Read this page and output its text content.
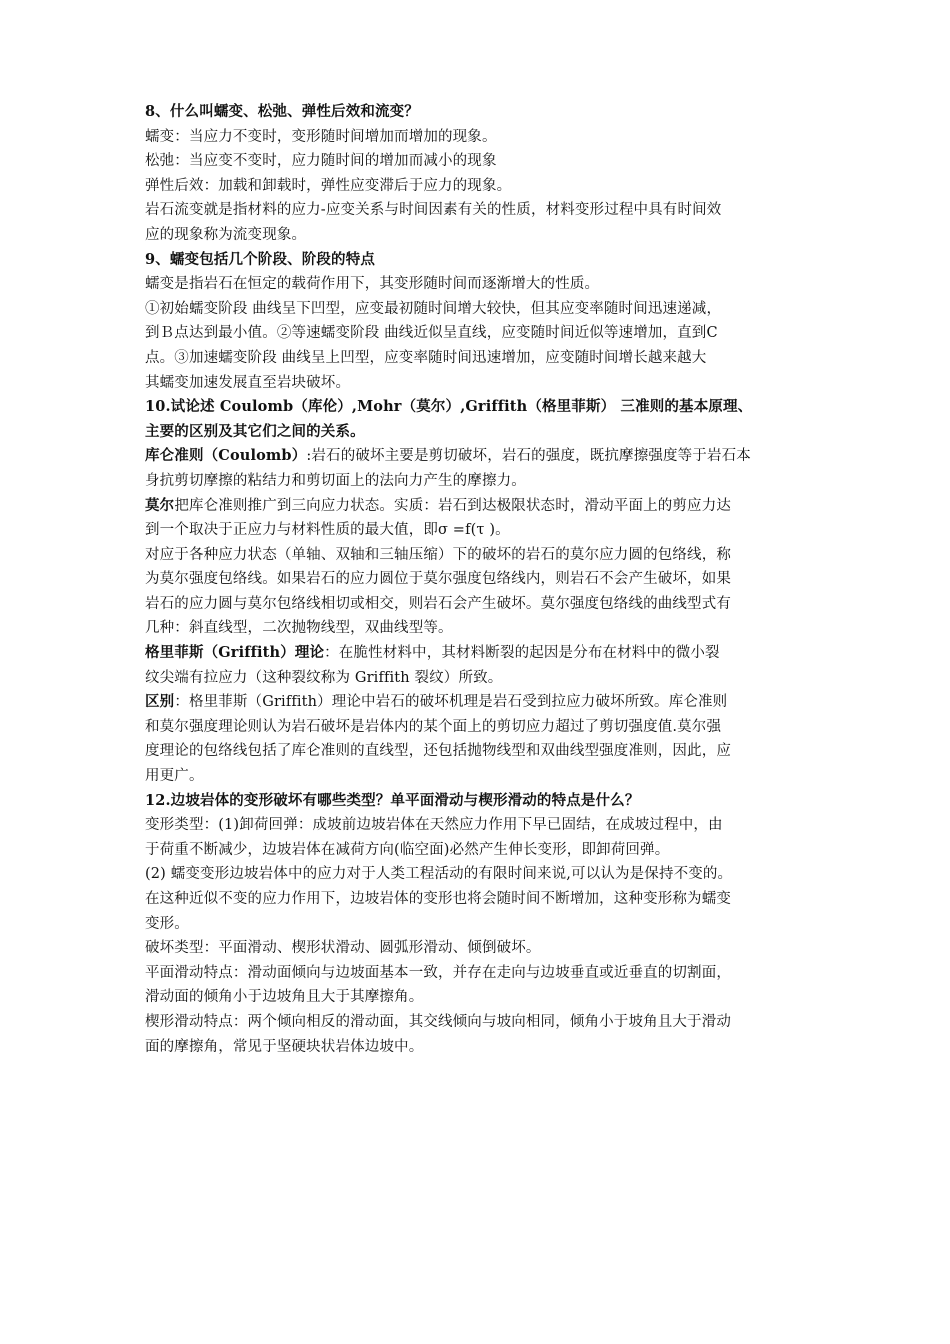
8、什么叫蠕变、松弛、弹性后效和流变？
蠕变：当应力不变时，变形随时间增加而增加的现象。
松弛：当应变不变时，应力随时间的增加而减小的现象
弹性后效：加载和卸载时，弹性应变滞后于应力的现象。
岩石流变就是指材料的应力-应变关系与时间因素有关的性质，材料变形过程中具有时间效
应的现象称为流变现象。
9、蠕变包括几个阶段、阶段的特点
蠕变是指岩石在恒定的载荷作用下，其变形随时间而逐渐增大的性质。
①初始蠕变阶段 曲线呈下凹型，应变最初随时间增大较快，但其应变率随时间迅速递减，
到Ｂ点达到最小值。②等速蠕变阶段 曲线近似呈直线，应变随时间近似等速增加，直到C
点。③加速蠕变阶段 曲线呈上凹型，应变率随时间迅速增加，应变随时间增长越来越大
其蠕变加速发展直至岩块破坏。
10.试论述 Coulomb（库伦）,Mohr（莫尔）,Griffith（格里菲斯） 三准则的基本原理、
主要的区别及其它们之间的关系。
库仑准则（Coulomb）:岩石的破坏主要是剪切破坏，岩石的强度，既抗摩擦强度等于岩石本
身抗剪切摩擦的粘结力和剪切面上的法向力产生的摩擦力。
莫尔把库仑准则推广到三向应力状态。实质：岩石到达极限状态时，滑动平面上的剪应力达
到一个取决于正应力与材料性质的最大值，即σ =f(τ )。
对应于各种应力状态（单轴、双轴和三轴压缩）下的破坏的岩石的莫尔应力圆的包络线，称
为莫尔强度包络线。如果岩石的应力圆位于莫尔强度包络线内，则岩石不会产生破坏，如果
岩石的应力圆与莫尔包络线相切或相交，则岩石会产生破坏。莫尔强度包络线的曲线型式有
几种：斜直线型，二次抛物线型，双曲线型等。
格里菲斯（Griffith）理论：在脆性材料中，其材料断裂的起因是分布在材料中的微小裂
纹尖端有拉应力（这种裂纹称为 Griffith 裂纹）所致。
区别：格里菲斯（Griffith）理论中岩石的破坏机理是岩石受到拉应力破坏所致。库仑准则
和莫尔强度理论则认为岩石破坏是岩体内的某个面上的剪切应力超过了剪切强度值.莫尔强
度理论的包络线包括了库仑准则的直线型，还包括抛物线型和双曲线型强度准则，因此，应
用更广。
12.边坡岩体的变形破坏有哪些类型？单平面滑动与楔形滑动的特点是什么？
变形类型：(1)卸荷回弹：成坡前边坡岩体在天然应力作用下早已固结，在成坡过程中，由
于荷重不断减少，边坡岩体在减荷方向(临空面)必然产生伸长变形，即卸荷回弹。
(2) 蠕变变形边坡岩体中的应力对于人类工程活动的有限时间来说,可以认为是保持不变的。
在这种近似不变的应力作用下，边坡岩体的变形也将会随时间不断增加，这种变形称为蠕变
变形。
破坏类型：平面滑动、楔形状滑动、圆弧形滑动、倾倒破坏。
平面滑动特点：滑动面倾向与边坡面基本一致，并存在走向与边坡垂直或近垂直的切割面，
滑动面的倾角小于边坡角且大于其摩擦角。
楔形滑动特点：两个倾向相反的滑动面，其交线倾向与坡向相同，倾角小于坡角且大于滑动
面的摩擦角，常见于坚硬块状岩体边坡中。
